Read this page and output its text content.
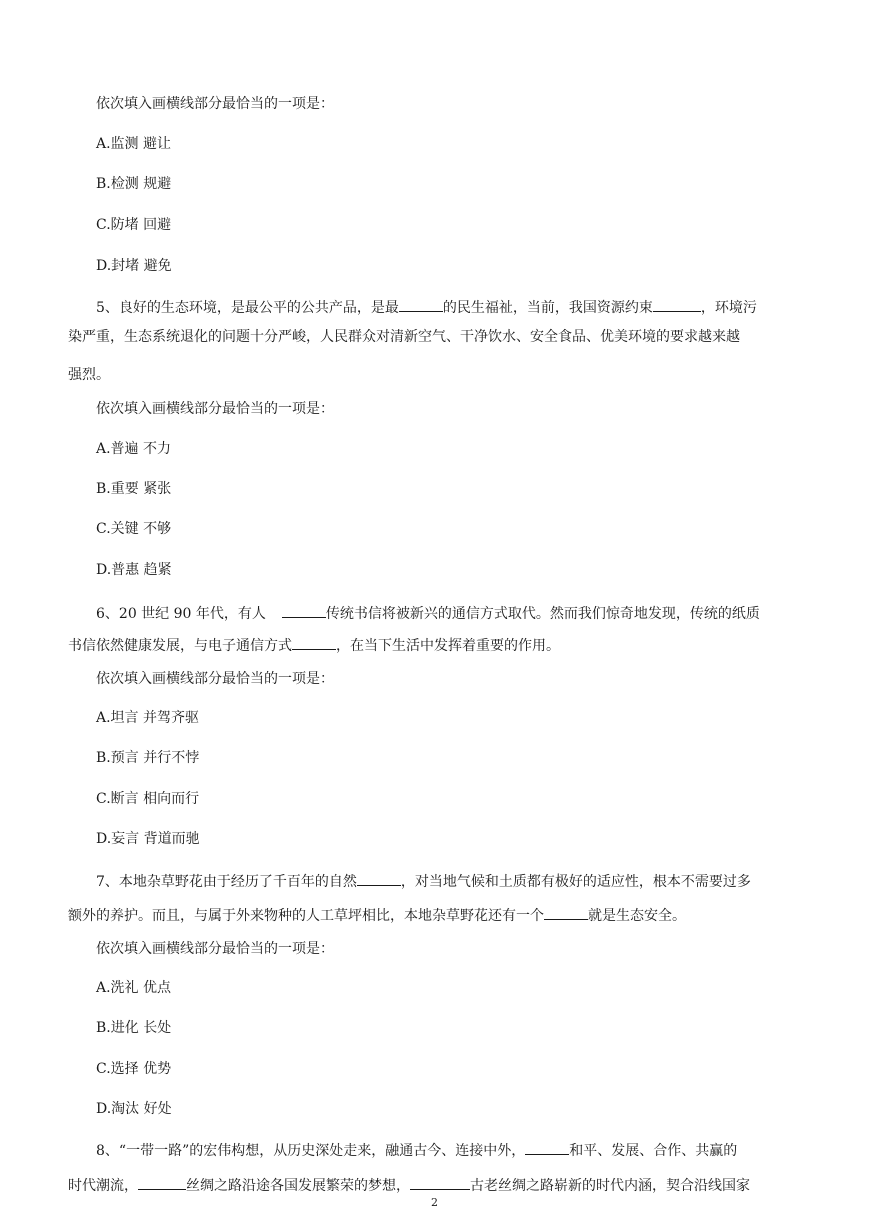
依次填入画横线部分最恰当的一项是：
A.监测 避让
B.检测 规避
C.防堵 回避
D.封堵 避免
5、良好的生态环境，是最公平的公共产品，是最	的民生福祉，当前，我国资源约束	，环境污
染严重，生态系统退化的问题十分严峻，人民群众对清新空气、干净饮水、安全食品、优美环境的要求越来越
强烈。
依次填入画横线部分最恰当的一项是：
A.普遍 不力
B.重要 紧张
C.关键 不够
D.普惠 趋紧
6、20 世纪 90 年代，有人	传统书信将被新兴的通信方式取代。然而我们惊奇地发现，传统的纸质
书信依然健康发展，与电子通信方式	，在当下生活中发挥着重要的作用。
依次填入画横线部分最恰当的一项是：
A.坦言 并驾齐驱
B.预言 并行不悖
C.断言 相向而行
D.妄言 背道而驰
7、本地杂草野花由于经历了千百年的自然	，对当地气候和土质都有极好的适应性，根本不需要过多
额外的养护。而且，与属于外来物种的人工草坪相比，本地杂草野花还有一个	就是生态安全。
依次填入画横线部分最恰当的一项是：
A.洗礼 优点
B.进化 长处
C.选择 优势
D.淘汰 好处
8、“一带一路”的宏伟构想，从历史深处走来，融通古今、连接中外，	和平、发展、合作、共赢的
时代潮流，	丝绸之路沿途各国发展繁荣的梦想，	古老丝绸之路崭新的时代内涵，契合沿线国家
2
